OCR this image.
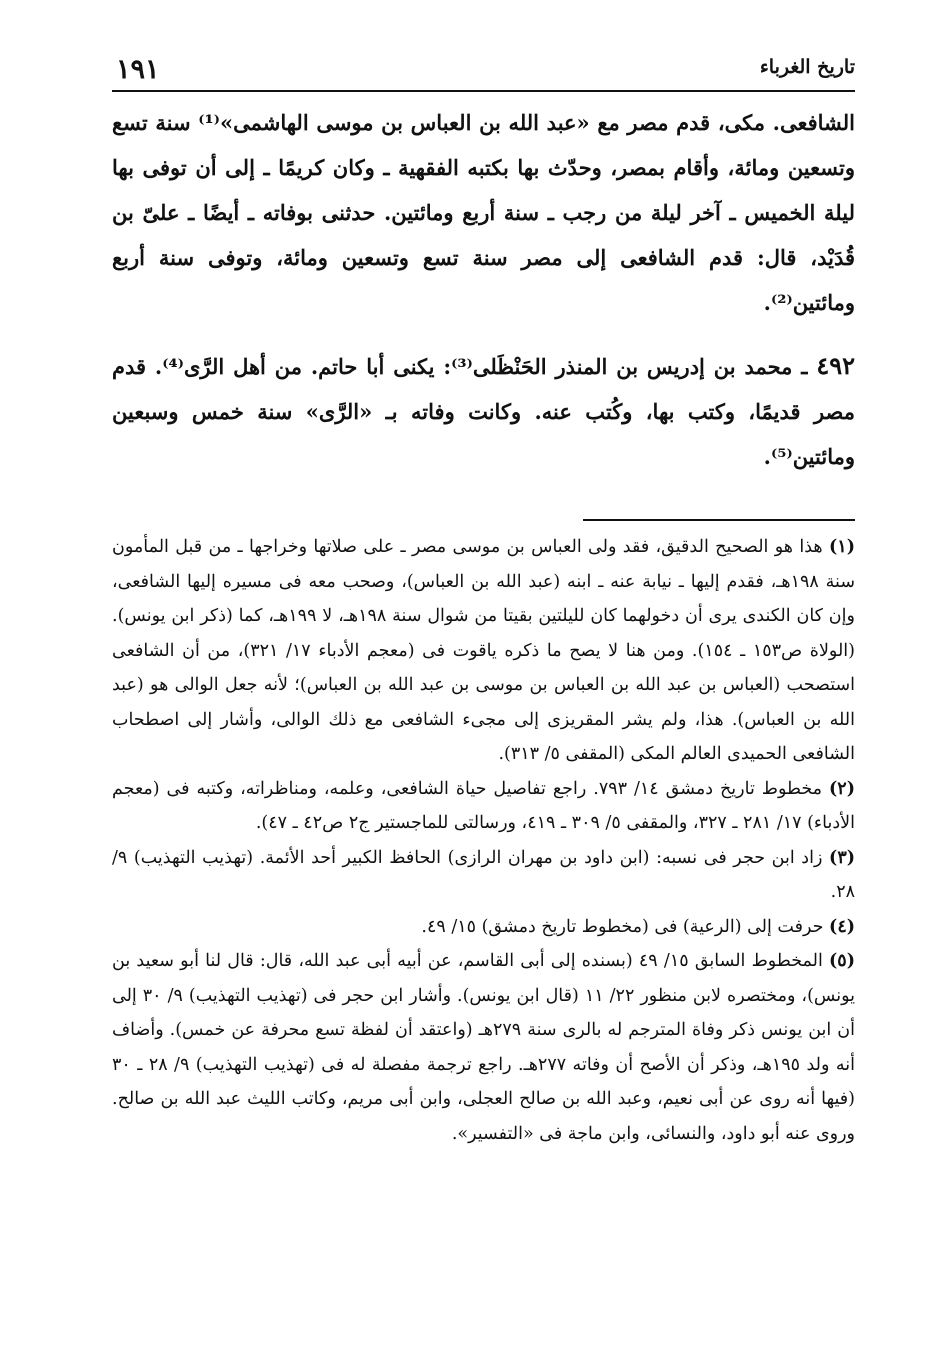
تاريخ الغرباء
١٩١

الشافعى. مكى، قدم مصر مع «عبد الله بن العباس بن موسى الهاشمى»⁽¹⁾ سنة تسع وتسعين ومائة، وأقام بمصر، وحدّث بها بكتبه الفقهية ـ وكان كريمًا ـ إلى أن توفى بها ليلة الخميس ـ آخر ليلة من رجب ـ سنة أربع ومائتين. حدثنى بوفاته ـ أيضًا ـ علىّ بن قُدَيْد، قال: قدم الشافعى إلى مصر سنة تسع وتسعين ومائة، وتوفى سنة أربع ومائتين⁽²⁾.

٤٩٢ ـ محمد بن إدريس بن المنذر الحَنْظَلى⁽³⁾: يكنى أبا حاتم. من أهل الرَّى⁽⁴⁾. قدم مصر قديمًا، وكتب بها، وكُتب عنه. وكانت وفاته بـ «الرَّى» سنة خمس وسبعين ومائتين⁽⁵⁾.

(١) هذا هو الصحيح الدقيق، فقد ولى العباس بن موسى مصر ـ على صلاتها وخراجها ـ من قبل المأمون سنة ١٩٨هـ، فقدم إليها ـ نيابة عنه ـ ابنه (عبد الله بن العباس)، وصحب معه فى مسيره إليها الشافعى، وإن كان الكندى يرى أن دخولهما كان لليلتين بقيتا من شوال سنة ١٩٨هـ، لا ١٩٩هـ، كما (ذكر ابن يونس). (الولاة ص١٥٣ ـ ١٥٤). ومن هنا لا يصح ما ذكره ياقوت فى (معجم الأدباء ١٧/ ٣٢١)، من أن الشافعى استصحب (العباس بن عبد الله بن العباس بن موسى بن عبد الله بن العباس)؛ لأنه جعل الوالى هو (عبد الله بن العباس). هذا، ولم يشر المقريزى إلى مجىء الشافعى مع ذلك الوالى، وأشار إلى اصطحاب الشافعى الحميدى العالم المكى (المقفى ٥/ ٣١٣).

(٢) مخطوط تاريخ دمشق ١٤/ ٧٩٣. راجع تفاصيل حياة الشافعى، وعلمه، ومناظراته، وكتبه فى (معجم الأدباء) ١٧/ ٢٨١ ـ ٣٢٧، والمقفى ٥/ ٣٠٩ ـ ٤١٩، ورسالتى للماجستير ج٢ ص٤٢ ـ ٤٧).

(٣) زاد ابن حجر فى نسبه: (ابن داود بن مهران الرازى) الحافظ الكبير أحد الأئمة. (تهذيب التهذيب) ٩/ ٢٨.

(٤) حرفت إلى (الرعية) فى (مخطوط تاريخ دمشق) ١٥/ ٤٩.

(٥) المخطوط السابق ١٥/ ٤٩ (بسنده إلى أبى القاسم، عن أبيه أبى عبد الله، قال: قال لنا أبو سعيد بن يونس)، ومختصره لابن منظور ٢٢/ ١١ (قال ابن يونس). وأشار ابن حجر فى (تهذيب التهذيب) ٩/ ٣٠ إلى أن ابن يونس ذكر وفاة المترجم له بالرى سنة ٢٧٩هـ (واعتقد أن لفظة تسع محرفة عن خمس). وأضاف أنه ولد ١٩٥هـ، وذكر أن الأصح أن وفاته ٢٧٧هـ. راجع ترجمة مفصلة له فى (تهذيب التهذيب) ٩/ ٢٨ ـ ٣٠ (فيها أنه روى عن أبى نعيم، وعبد الله بن صالح العجلى، وابن أبى مريم، وكاتب الليث عبد الله بن صالح. وروى عنه أبو داود، والنسائى، وابن ماجة فى «التفسير».
